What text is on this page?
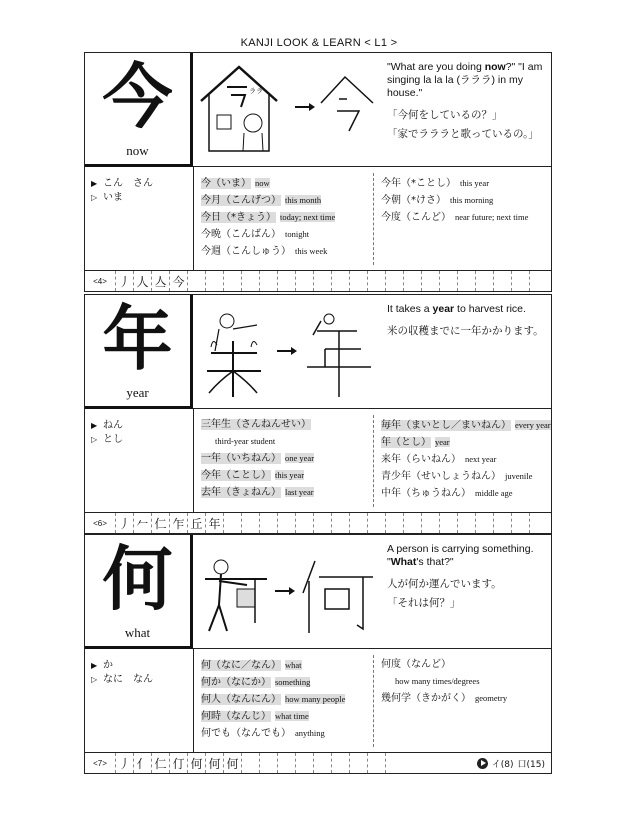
KANJI LOOK & LEARN < L1 >
今
now
ララ
"What are you doing now?" "I am singing la la la (ラララ) in my house."
「今何をしているの？」
「家でラララと歌っているの。」
▶ こん　さん
▷ いま
今（いま） now
今月（こんげつ） this month
今日（*きょう） today; next time
今晩（こんばん） tonight
今週（こんしゅう） this week
今年（*ことし） this year
今朝（*けさ） this morning
今度（こんど） near future; next time
<4> 丿 人 亼 今
年
year
It takes a year to harvest rice.
米の収穫までに一年かかります。
▶ ねん
▷ とし
三年生（さんねんせい）
third-year student
一年（いちねん） one year
今年（ことし） this year
去年（きょねん） last year
毎年（まいとし／まいねん） every year
年（とし） year
来年（らいねん） next year
青少年（せいしょうねん） juvenile
中年（ちゅうねん） middle age
<6> 丿 𠂉 仁 乍 丘 年
何
what
A person is carrying something. "What's that?"
人が何か運んでいます。
「それは何？」
▶ か
▷ なに　なん
何（なに／なん） what
何か（なにか） something
何人（なんにん） how many people
何時（なんじ） what time
何でも（なんでも） anything
何度（なんど）
how many times/degrees
幾何学（きかがく） geometry
<7> 丿 亻 仁 仃 何 何 何	イ(8) 口(15)
